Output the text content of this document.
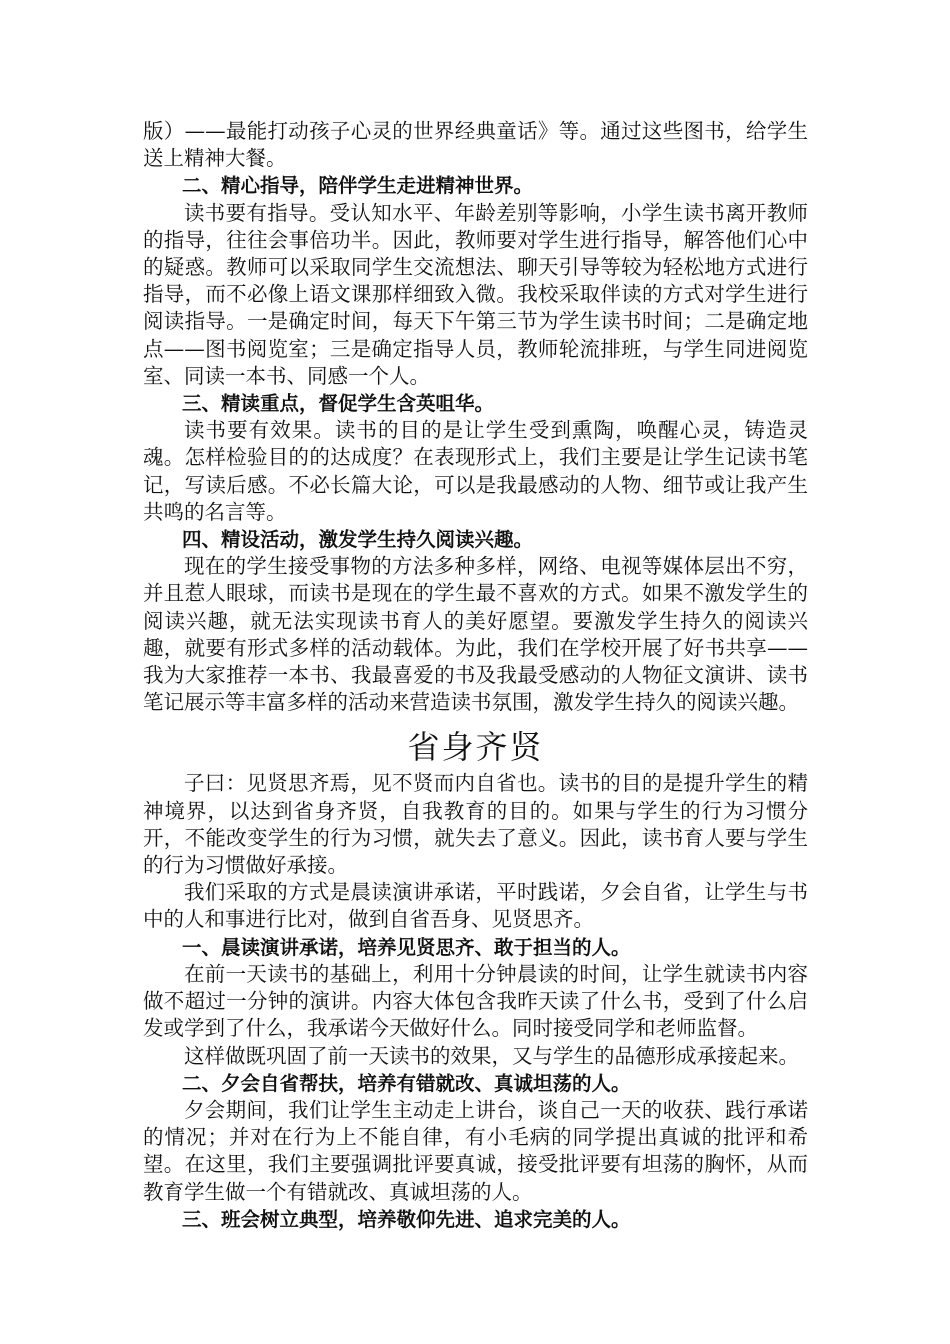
版）——最能打动孩子心灵的世界经典童话》等。通过这些图书，给学生送上精神大餐。

二、精心指导，陪伴学生走进精神世界。

读书要有指导。受认知水平、年龄差别等影响，小学生读书离开教师的指导，往往会事倍功半。因此，教师要对学生进行指导，解答他们心中的疑惑。教师可以采取同学生交流想法、聊天引导等较为轻松地方式进行指导，而不必像上语文课那样细致入微。我校采取伴读的方式对学生进行阅读指导。一是确定时间，每天下午第三节为学生读书时间；二是确定地点——图书阅览室；三是确定指导人员，教师轮流排班，与学生同进阅览室、同读一本书、同感一个人。

三、精读重点，督促学生含英咀华。

读书要有效果。读书的目的是让学生受到熏陶，唤醒心灵，铸造灵魂。怎样检验目的的达成度？在表现形式上，我们主要是让学生记读书笔记，写读后感。不必长篇大论，可以是我最感动的人物、细节或让我产生共鸣的名言等。

四、精设活动，激发学生持久阅读兴趣。

现在的学生接受事物的方法多种多样，网络、电视等媒体层出不穷，并且惹人眼球，而读书是现在的学生最不喜欢的方式。如果不激发学生的阅读兴趣，就无法实现读书育人的美好愿望。要激发学生持久的阅读兴趣，就要有形式多样的活动载体。为此，我们在学校开展了好书共享——我为大家推荐一本书、我最喜爱的书及我最受感动的人物征文演讲、读书笔记展示等丰富多样的活动来营造读书氛围，激发学生持久的阅读兴趣。

省身齐贤

子曰：见贤思齐焉，见不贤而内自省也。读书的目的是提升学生的精神境界，以达到省身齐贤，自我教育的目的。如果与学生的行为习惯分开，不能改变学生的行为习惯，就失去了意义。因此，读书育人要与学生的行为习惯做好承接。

我们采取的方式是晨读演讲承诺，平时践诺，夕会自省，让学生与书中的人和事进行比对，做到自省吾身、见贤思齐。

一、晨读演讲承诺，培养见贤思齐、敢于担当的人。

在前一天读书的基础上，利用十分钟晨读的时间，让学生就读书内容做不超过一分钟的演讲。内容大体包含我昨天读了什么书，受到了什么启发或学到了什么，我承诺今天做好什么。同时接受同学和老师监督。

这样做既巩固了前一天读书的效果，又与学生的品德形成承接起来。

二、夕会自省帮扶，培养有错就改、真诚坦荡的人。

夕会期间，我们让学生主动走上讲台，谈自己一天的收获、践行承诺的情况；并对在行为上不能自律，有小毛病的同学提出真诚的批评和希望。在这里，我们主要强调批评要真诚，接受批评要有坦荡的胸怀，从而教育学生做一个有错就改、真诚坦荡的人。

三、班会树立典型，培养敬仰先进、追求完美的人。
